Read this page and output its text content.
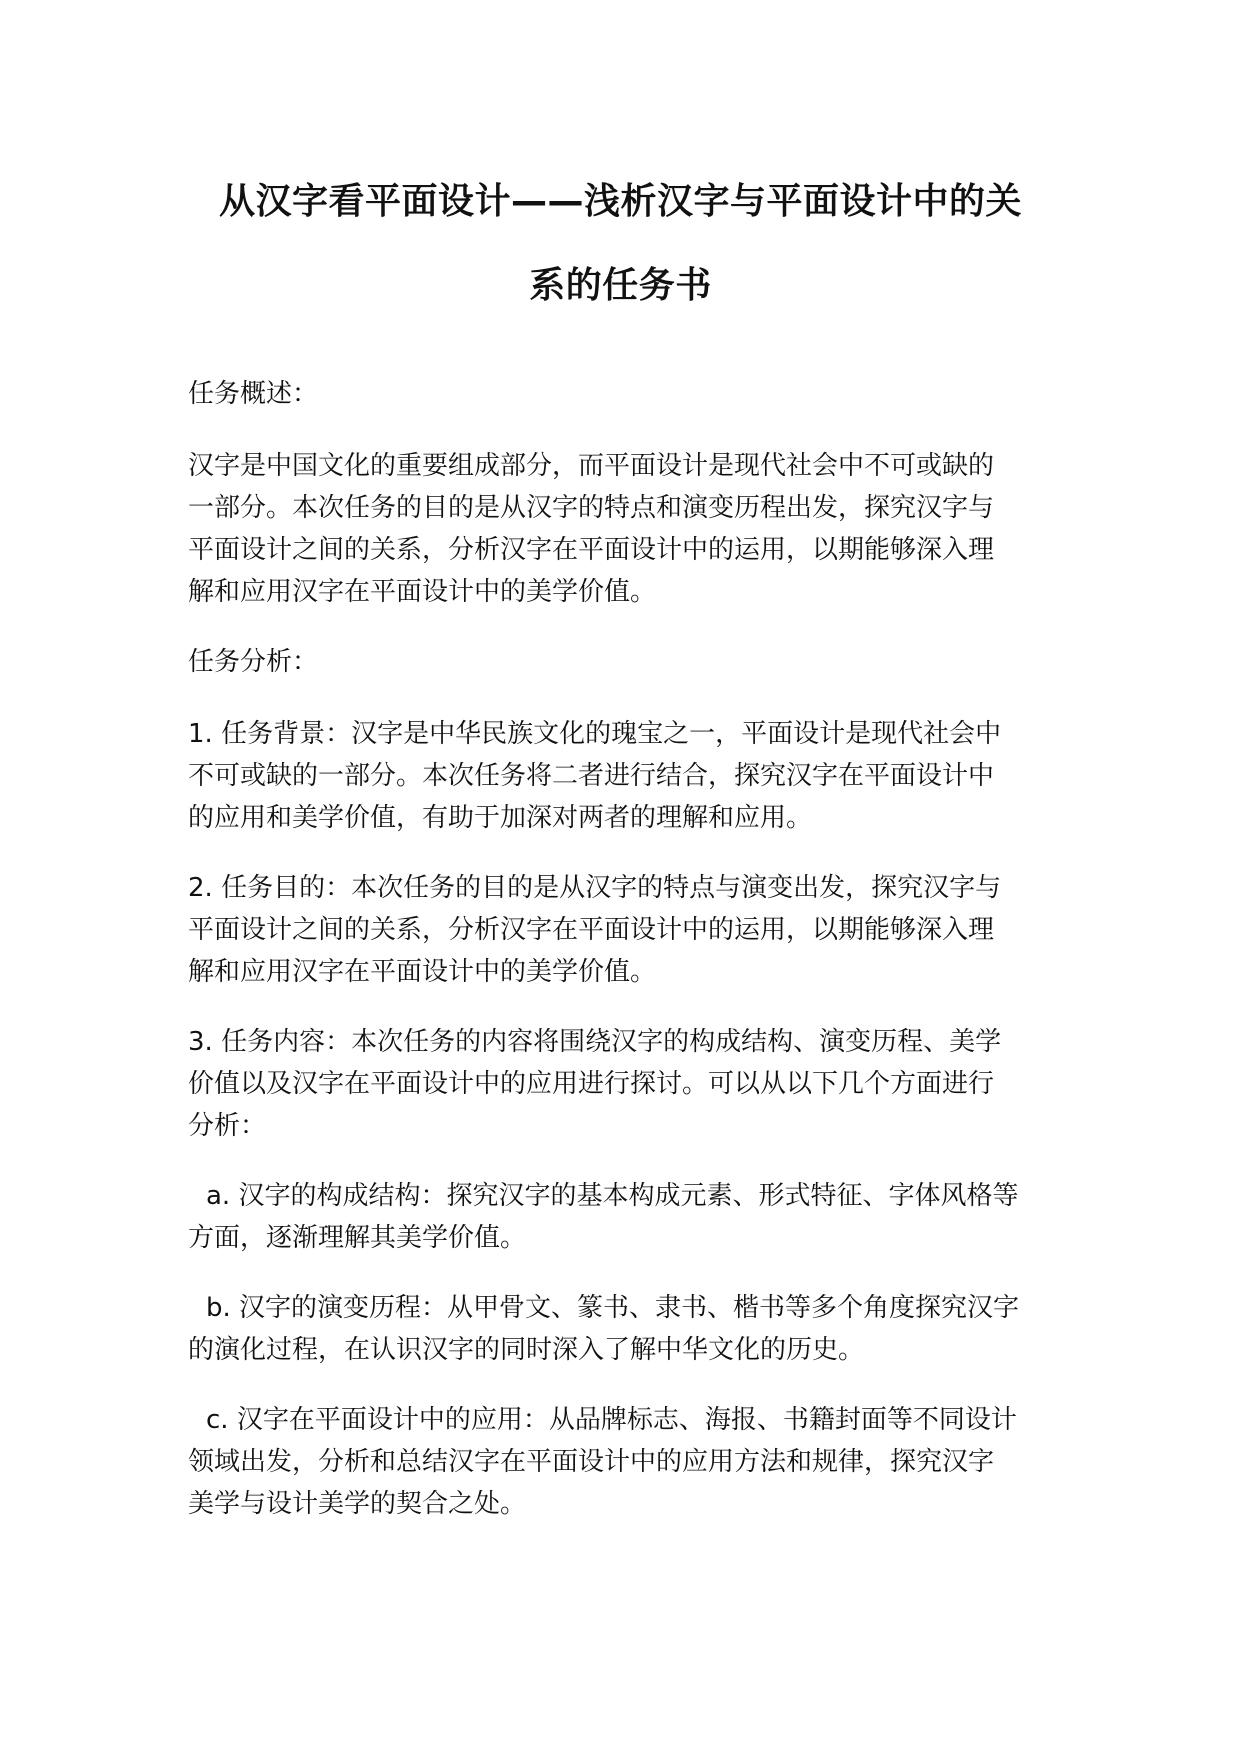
从汉字看平面设计——浅析汉字与平面设计中的关

系的任务书

任务概述：

汉字是中国文化的重要组成部分，而平面设计是现代社会中不可或缺的
一部分。本次任务的目的是从汉字的特点和演变历程出发，探究汉字与
平面设计之间的关系，分析汉字在平面设计中的运用，以期能够深入理
解和应用汉字在平面设计中的美学价值。

任务分析：

1. 任务背景：汉字是中华民族文化的瑰宝之一，平面设计是现代社会中
不可或缺的一部分。本次任务将二者进行结合，探究汉字在平面设计中
的应用和美学价值，有助于加深对两者的理解和应用。

2. 任务目的：本次任务的目的是从汉字的特点与演变出发，探究汉字与
平面设计之间的关系，分析汉字在平面设计中的运用，以期能够深入理
解和应用汉字在平面设计中的美学价值。

3. 任务内容：本次任务的内容将围绕汉字的构成结构、演变历程、美学
价值以及汉字在平面设计中的应用进行探讨。可以从以下几个方面进行
分析：

a. 汉字的构成结构：探究汉字的基本构成元素、形式特征、字体风格等
方面，逐渐理解其美学价值。

b. 汉字的演变历程：从甲骨文、篆书、隶书、楷书等多个角度探究汉字
的演化过程，在认识汉字的同时深入了解中华文化的历史。

c. 汉字在平面设计中的应用：从品牌标志、海报、书籍封面等不同设计
领域出发，分析和总结汉字在平面设计中的应用方法和规律，探究汉字
美学与设计美学的契合之处。
